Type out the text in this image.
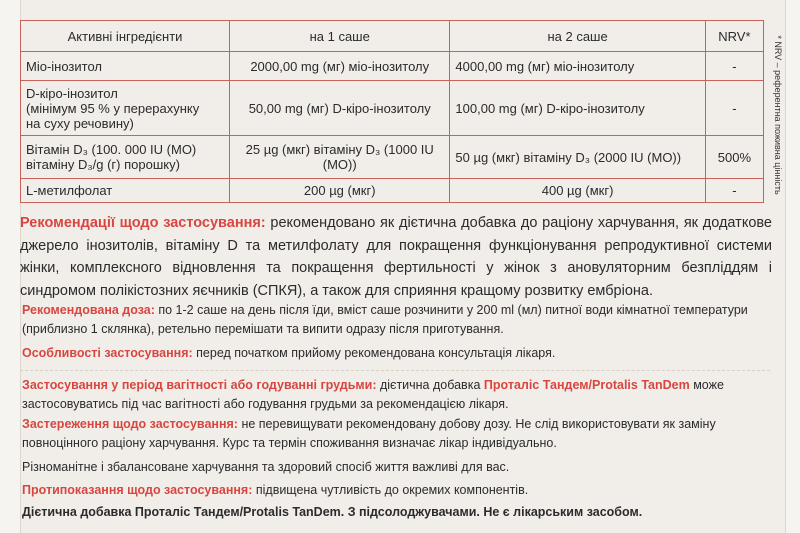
Активні інгредієнти	на 1 саше	на 2 саше	NRV*
Міо-інозитол	2000,00 mg (мг) міо-інозитолу	4000,00 mg (мг) міо-інозитолу	-

D-кіро-інозитол
(мінімум 95 % у перерахунку
на суху речовину)	50,00 mg (мг) D-кіро-інозитолу	100,00 mg (мг) D-кіро-інозитолу	-

Вітамін D₃ (100. 000 IU (МО)
вітаміну D₃/g (г) порошку)	25 µg (мкг) вітаміну D₃ (1000 IU (МО))	50 µg (мкг) вітаміну D₃ (2000 IU (МО))	500%
L-метилфолат	200 µg (мкг)	400 µg (мкг)	-	* NRV – референтна поживна цінність

Рекомендації щодо застосування: рекомендовано як дієтична добавка до раціону харчування, як додаткове джерело інозитолів, вітаміну D та метилфолату для покращення функціонування репродуктивної системи жінки, комплексного відновлення та покращення фертильності у жінок з ановуляторним безпліддям і синдромом полікістозних яєчників (СПКЯ), а також для сприяння кращому розвитку ембріона.

Рекомендована доза: по 1-2 саше на день після їди, вміст саше розчинити у 200 ml (мл) питної води кімнатної температури (приблизно 1 склянка), ретельно перемішати та випити одразу після приготування.

Особливості застосування: перед початком прийому рекомендована консультація лікаря.

Застосування у період вагітності або годуванні грудьми: дієтична добавка Проталіс Тандем/Protalis TanDem може застосовуватись під час вагітності або годування грудьми за рекомендацією лікаря.

Застереження щодо застосування: не перевищувати рекомендовану добову дозу. Не слід використовувати як заміну повноцінного раціону харчування. Курс та термін споживання визначає лікар індивідуально.

Різноманітне і збалансоване харчування та здоровий спосіб життя важливі для вас.

Протипоказання щодо застосування: підвищена чутливість до окремих компонентів.

Дієтична добавка Проталіс Тандем/Protalis TanDem. З підсолоджувачами. Не є лікарським засобом.
